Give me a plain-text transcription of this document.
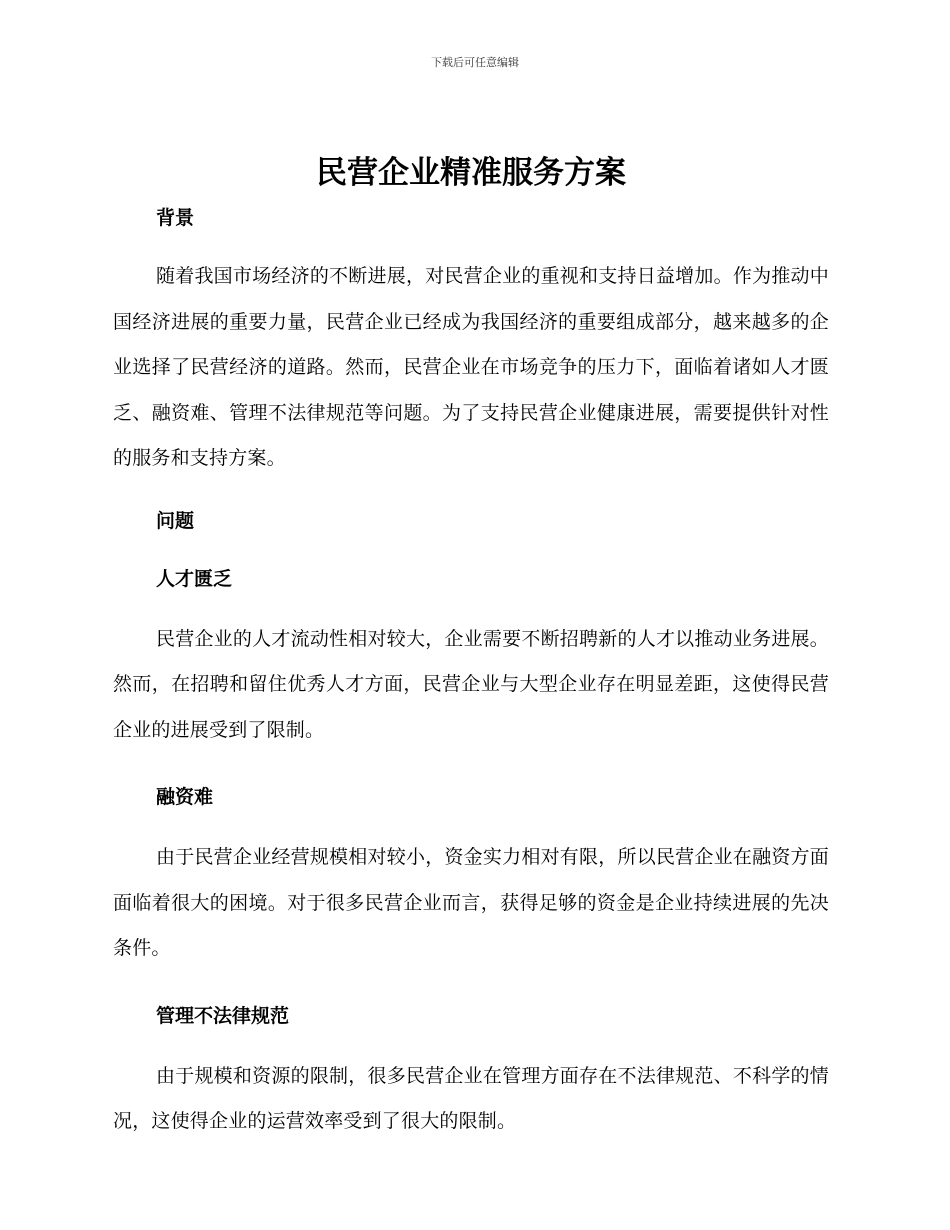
下载后可任意编辑
民营企业精准服务方案
背景

随着我国市场经济的不断进展，对民营企业的重视和支持日益增加。作为推动中国经济进展的重要力量，民营企业已经成为我国经济的重要组成部分，越来越多的企业选择了民营经济的道路。然而，民营企业在市场竞争的压力下，面临着诸如人才匮乏、融资难、管理不法律规范等问题。为了支持民营企业健康进展，需要提供针对性的服务和支持方案。

问题
人才匮乏

民营企业的人才流动性相对较大，企业需要不断招聘新的人才以推动业务进展。然而，在招聘和留住优秀人才方面，民营企业与大型企业存在明显差距，这使得民营企业的进展受到了限制。

融资难

由于民营企业经营规模相对较小，资金实力相对有限，所以民营企业在融资方面面临着很大的困境。对于很多民营企业而言，获得足够的资金是企业持续进展的先决条件。

管理不法律规范

由于规模和资源的限制，很多民营企业在管理方面存在不法律规范、不科学的情况，这使得企业的运营效率受到了很大的限制。
